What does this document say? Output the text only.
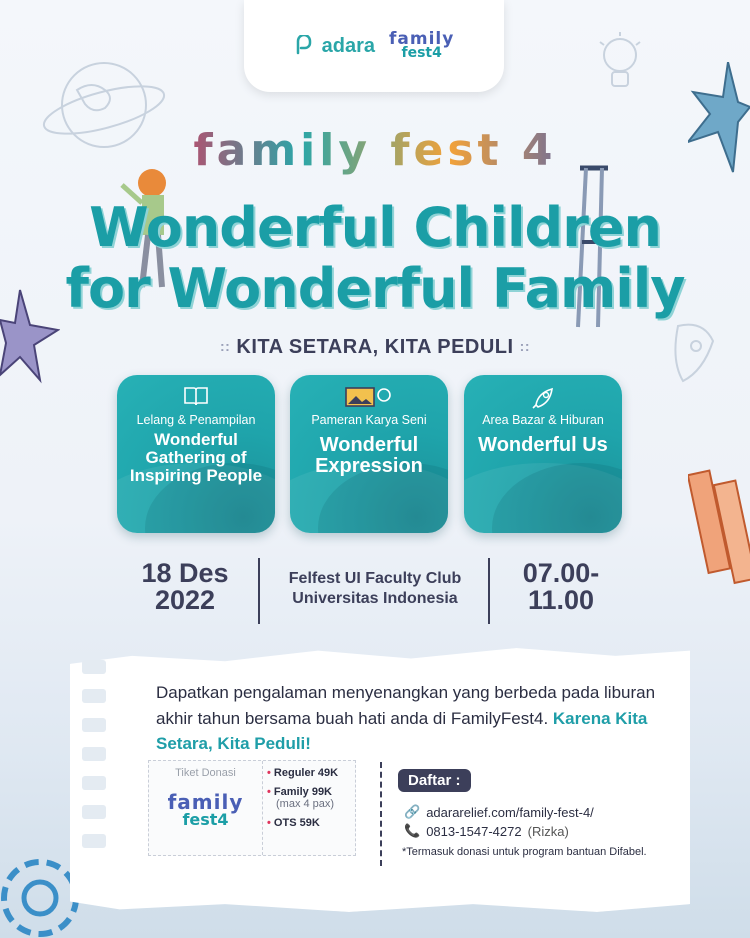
adara family
fest4
family fest 4
Wonderful Children
for Wonderful Family
:: KITA SETARA, KITA PEDULI ::
Lelang & Penampilan
Wonderful Gathering of Inspiring People
Pameran Karya Seni
Wonderful Expression
Area Bazar & Hiburan
Wonderful Us
18 Des
2022
Felfest UI Faculty Club
Universitas Indonesia
07.00-
11.00
Dapatkan pengalaman menyenangkan yang berbeda pada liburan akhir tahun bersama buah hati anda di FamilyFest4. Karena Kita Setara, Kita Peduli!
Tiket Donasi
family
fest4
• Reguler 49K
• Family 99K
(max 4 pax)
• OTS 59K
Daftar :
🔗 adararelief.com/family-fest-4/
📞 0813-1547-4272 (Rizka)
*Termasuk donasi untuk program bantuan Difabel.
